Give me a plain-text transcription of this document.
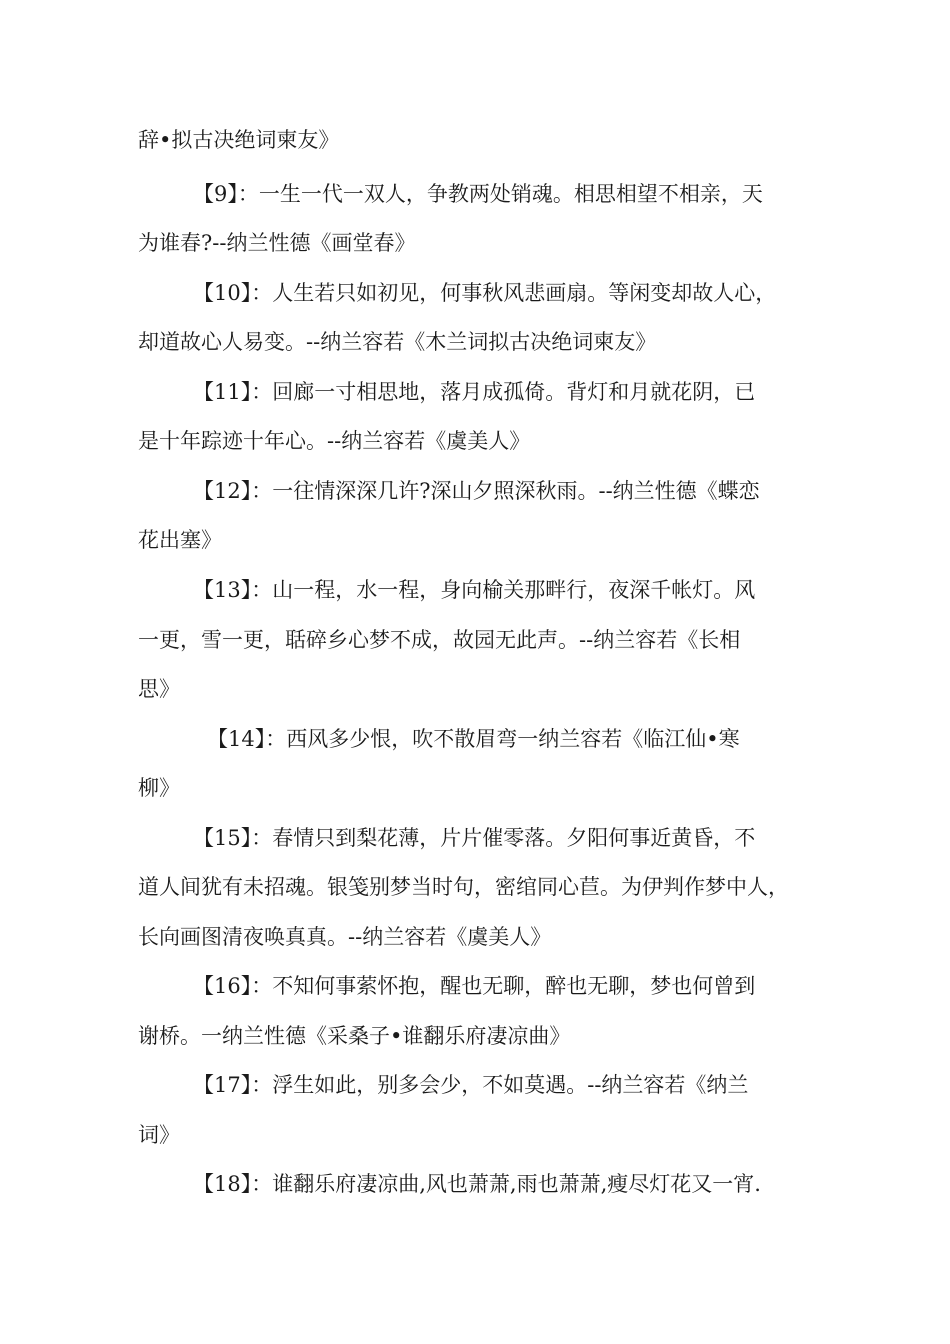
辞•拟古决绝词柬友》
【9】：一生一代一双人，争教两处销魂。相思相望不相亲，天
为谁春?--纳兰性德《画堂春》
【10】：人生若只如初见，何事秋风悲画扇。等闲变却故人心，
却道故心人易变。--纳兰容若《木兰词拟古决绝词柬友》
【11】：回廊一寸相思地，落月成孤倚。背灯和月就花阴，已
是十年踪迹十年心。--纳兰容若《虞美人》
【12】：一往情深深几许?深山夕照深秋雨。--纳兰性德《蝶恋
花出塞》
【13】：山一程，水一程，身向榆关那畔行，夜深千帐灯。风
一更，雪一更，聒碎乡心梦不成，故园无此声。--纳兰容若《长相
思》
【14】：西风多少恨，吹不散眉弯一纳兰容若《临江仙•寒
柳》
【15】：春情只到梨花薄，片片催零落。夕阳何事近黄昏，不
道人间犹有未招魂。银笺别梦当时句，密绾同心苣。为伊判作梦中人，
长向画图清夜唤真真。--纳兰容若《虞美人》
【16】：不知何事萦怀抱，醒也无聊，醉也无聊，梦也何曾到
谢桥。一纳兰性德《采桑子•谁翻乐府凄凉曲》
【17】：浮生如此，别多会少，不如莫遇。--纳兰容若《纳兰
词》
【18】：谁翻乐府凄凉曲,风也萧萧,雨也萧萧,瘦尽灯花又一宵.
